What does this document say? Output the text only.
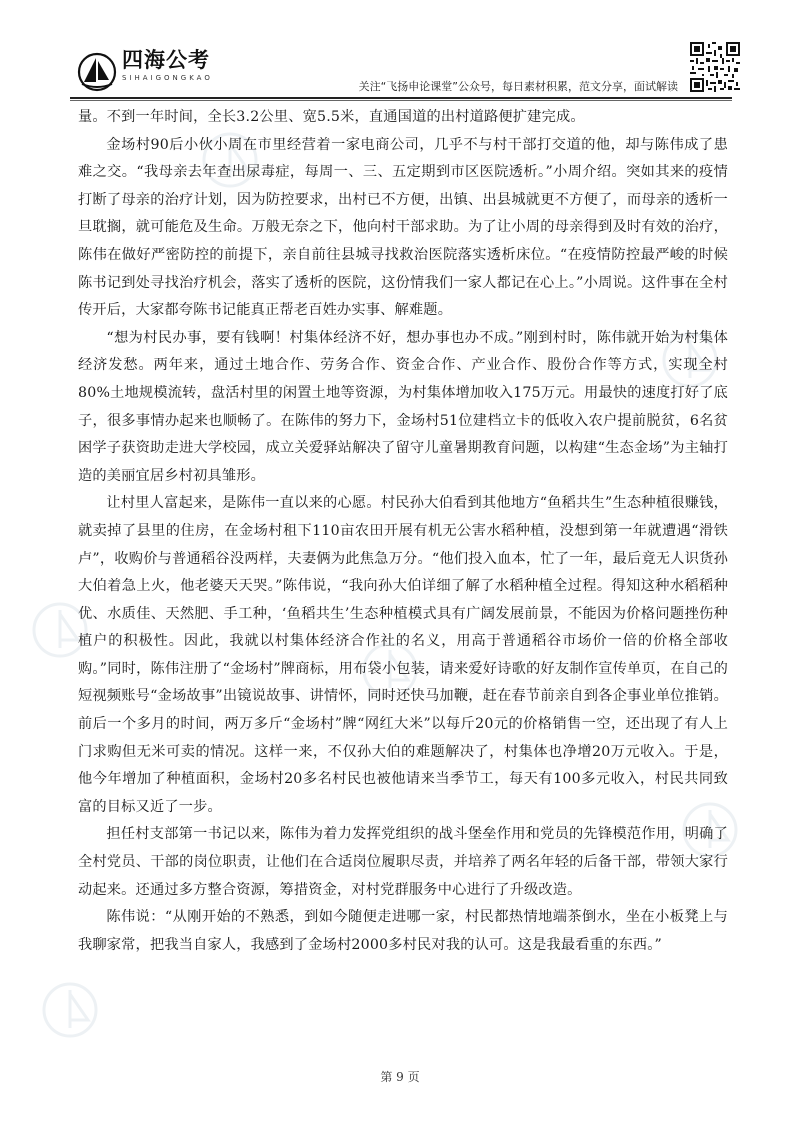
四海公考
SIHAIGONGKAO
关注“飞扬申论课堂”公众号，每日素材积累，范文分享，面试解读

量。不到一年时间，全长3.2公里、宽5.5米，直通国道的出村道路便扩建完成。

金场村90后小伙小周在市里经营着一家电商公司，几乎不与村干部打交道的他，却与陈伟成了患难之交。“我母亲去年查出尿毒症，每周一、三、五定期到市区医院透析。”小周介绍。突如其来的疫情打断了母亲的治疗计划，因为防控要求，出村已不方便，出镇、出县城就更不方便了，而母亲的透析一旦耽搁，就可能危及生命。万般无奈之下，他向村干部求助。为了让小周的母亲得到及时有效的治疗，陈伟在做好严密防控的前提下，亲自前往县城寻找救治医院落实透析床位。“在疫情防控最严峻的时候陈书记到处寻找治疗机会，落实了透析的医院，这份情我们一家人都记在心上。”小周说。这件事在全村传开后，大家都夸陈书记能真正帮老百姓办实事、解难题。

“想为村民办事，要有钱啊！村集体经济不好，想办事也办不成。”刚到村时，陈伟就开始为村集体经济发愁。两年来，通过土地合作、劳务合作、资金合作、产业合作、股份合作等方式，实现全村80%土地规模流转，盘活村里的闲置土地等资源，为村集体增加收入175万元。用最快的速度打好了底子，很多事情办起来也顺畅了。在陈伟的努力下，金场村51位建档立卡的低收入农户提前脱贫，6名贫困学子获资助走进大学校园，成立关爱驿站解决了留守儿童暑期教育问题，以构建“生态金场”为主轴打造的美丽宜居乡村初具雏形。

让村里人富起来，是陈伟一直以来的心愿。村民孙大伯看到其他地方“鱼稻共生”生态种植很赚钱，就卖掉了县里的住房，在金场村租下110亩农田开展有机无公害水稻种植，没想到第一年就遭遇“滑铁卢”，收购价与普通稻谷没两样，夫妻俩为此焦急万分。“他们投入血本，忙了一年，最后竟无人识货孙大伯着急上火，他老婆天天哭。”陈伟说，“我向孙大伯详细了解了水稻种植全过程。得知这种水稻稻种优、水质佳、天然肥、手工种，‘鱼稻共生’生态种植模式具有广阔发展前景，不能因为价格问题挫伤种植户的积极性。因此，我就以村集体经济合作社的名义，用高于普通稻谷市场价一倍的价格全部收购。”同时，陈伟注册了“金场村”牌商标，用布袋小包装，请来爱好诗歌的好友制作宣传单页，在自己的短视频账号“金场故事”出镜说故事、讲情怀，同时还快马加鞭，赶在春节前亲自到各企事业单位推销。前后一个多月的时间，两万多斤“金场村”牌“网红大米”以每斤20元的价格销售一空，还出现了有人上门求购但无米可卖的情况。这样一来，不仅孙大伯的难题解决了，村集体也净增20万元收入。于是，他今年增加了种植面积，金场村20多名村民也被他请来当季节工，每天有100多元收入，村民共同致富的目标又近了一步。

担任村支部第一书记以来，陈伟为着力发挥党组织的战斗堡垒作用和党员的先锋模范作用，明确了全村党员、干部的岗位职责，让他们在合适岗位履职尽责，并培养了两名年轻的后备干部，带领大家行动起来。还通过多方整合资源，筹措资金，对村党群服务中心进行了升级改造。

陈伟说：“从刚开始的不熟悉，到如今随便走进哪一家，村民都热情地端茶倒水，坐在小板凳上与我聊家常，把我当自家人，我感到了金场村2000多村民对我的认可。这是我最看重的东西。”

第 9 页
